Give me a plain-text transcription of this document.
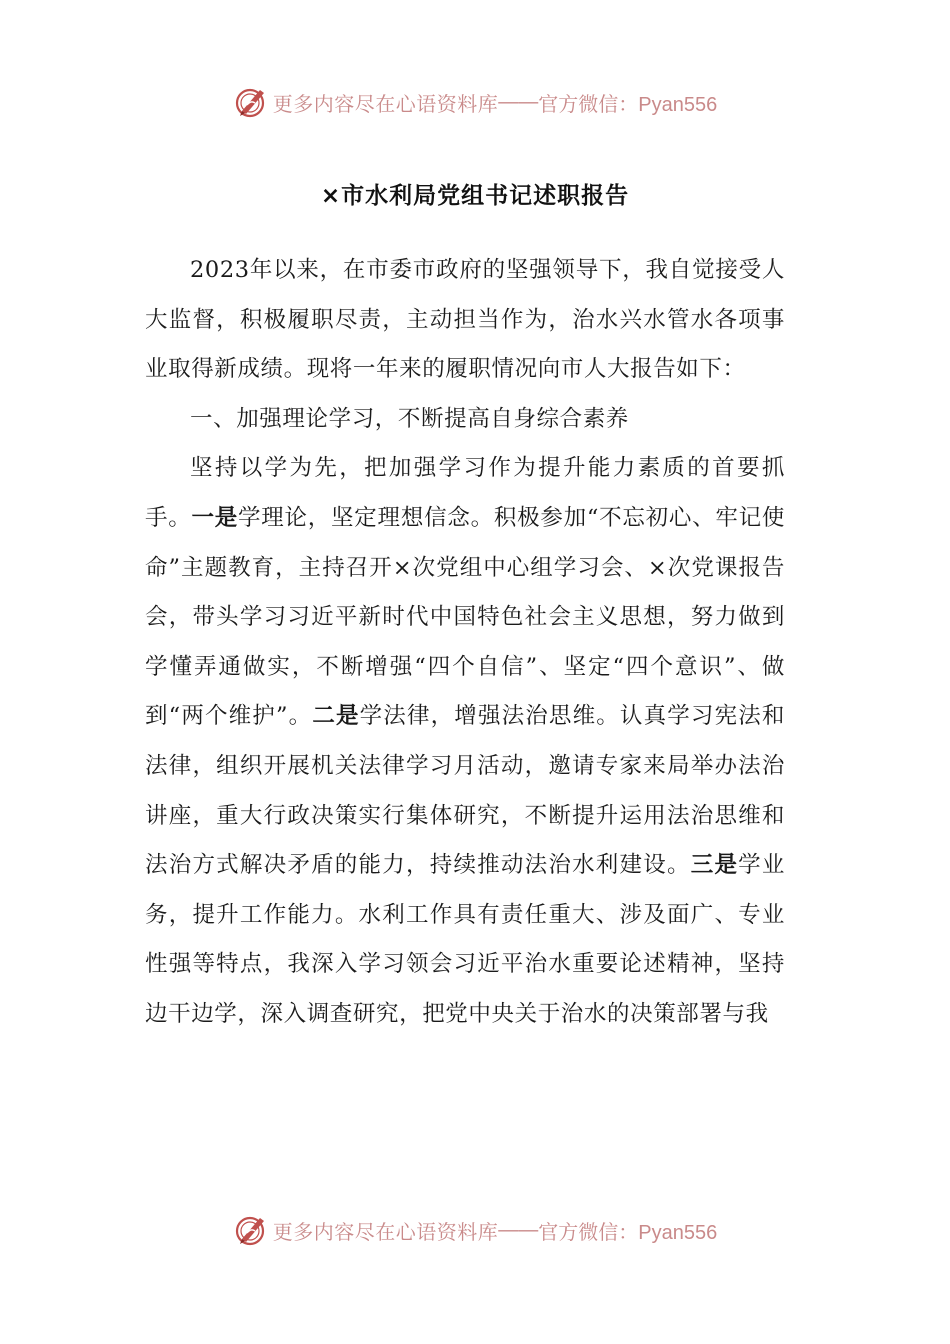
更多内容尽在心语资料库 —— 官方微信：Pyan556
×市水利局党组书记述职报告

2023年以来，在市委市政府的坚强领导下，我自觉接受人大监督，积极履职尽责，主动担当作为，治水兴水管水各项事业取得新成绩。现将一年来的履职情况向市人大报告如下：

一、加强理论学习，不断提高自身综合素养

坚持以学为先，把加强学习作为提升能力素质的首要抓手。一是学理论，坚定理想信念。积极参加“不忘初心、牢记使命”主题教育，主持召开×次党组中心组学习会、×次党课报告会，带头学习习近平新时代中国特色社会主义思想，努力做到学懂弄通做实，不断增强“四个自信”、坚定“四个意识”、做到“两个维护”。二是学法律，增强法治思维。认真学习宪法和法律，组织开展机关法律学习月活动，邀请专家来局举办法治讲座，重大行政决策实行集体研究，不断提升运用法治思维和法治方式解决矛盾的能力，持续推动法治水利建设。三是学业务，提升工作能力。水利工作具有责任重大、涉及面广、专业性强等特点，我深入学习领会习近平治水重要论述精神，坚持边干边学，深入调查研究，把党中央关于治水的决策部署与我

更多内容尽在心语资料库 —— 官方微信：Pyan556
